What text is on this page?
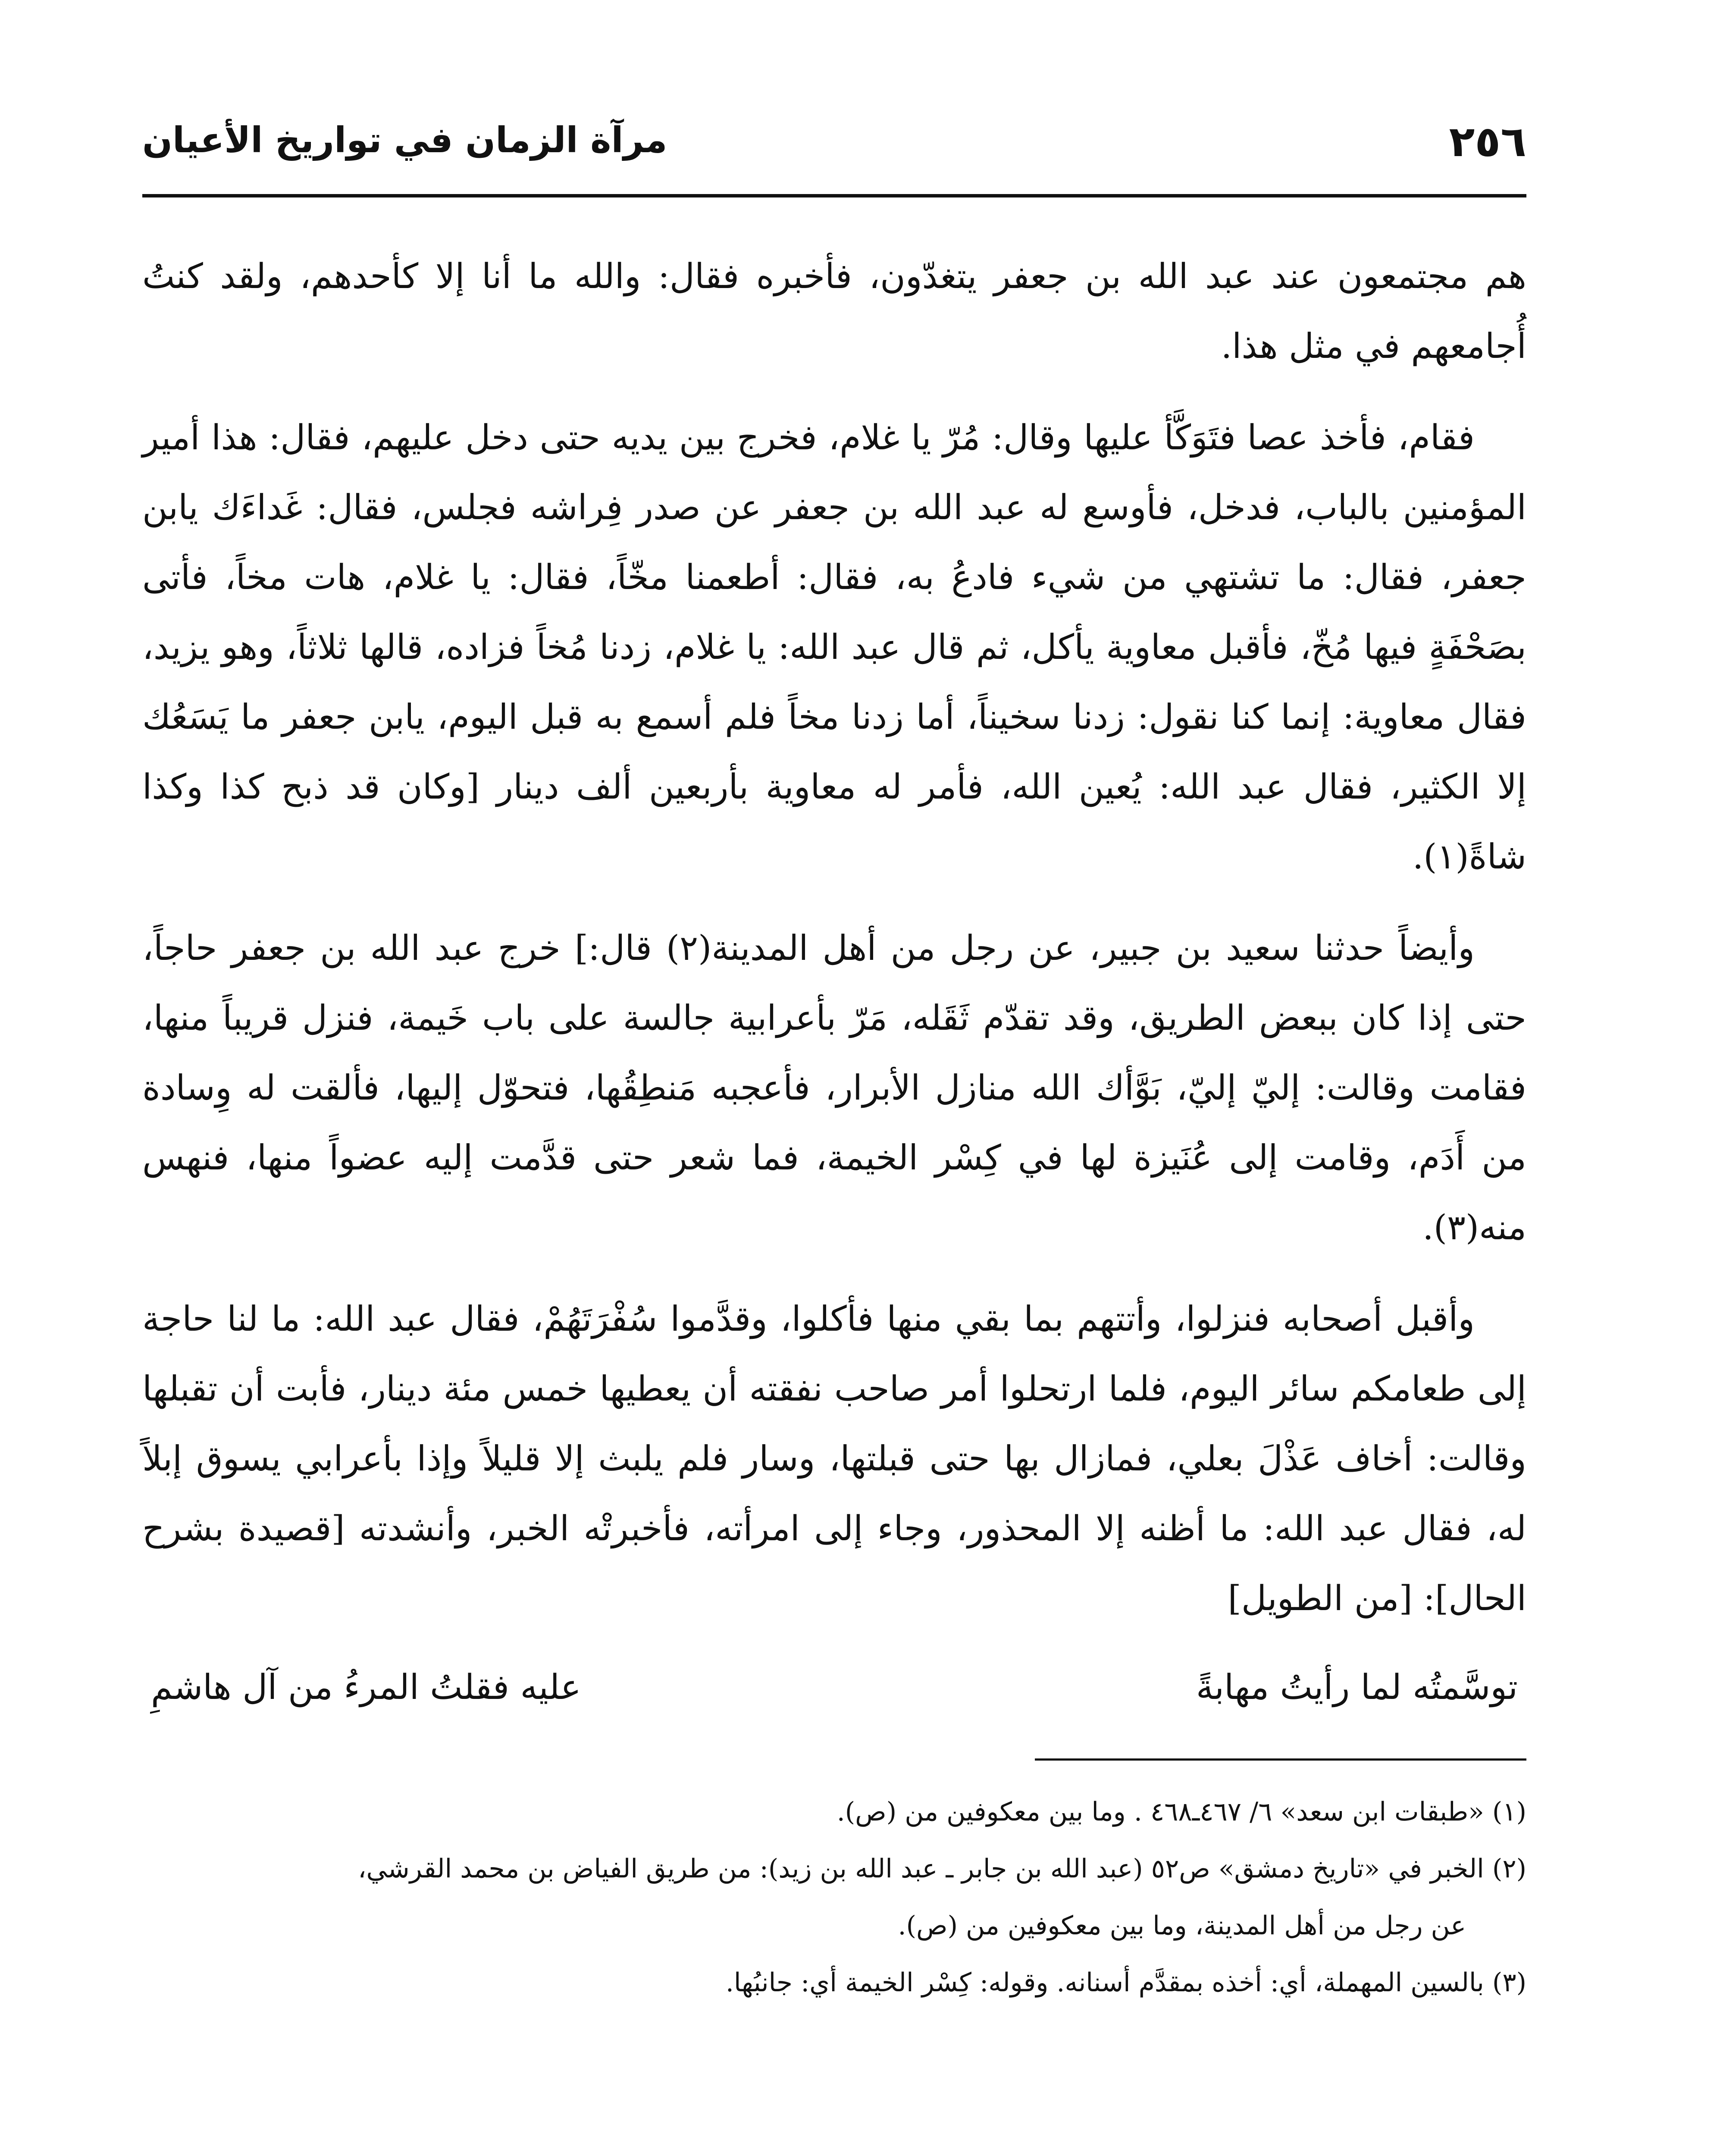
٢٥٦
مرآة الزمان في تواريخ الأعيان

هم مجتمعون عند عبد الله بن جعفر يتغدّون، فأخبره فقال: والله ما أنا إلا كأحدهم، ولقد كنتُ أُجامعهم في مثل هذا.

فقام، فأخذ عصا فتَوَكَّأ عليها وقال: مُرّ يا غلام، فخرج بين يديه حتى دخل عليهم، فقال: هذا أمير المؤمنين بالباب، فدخل، فأوسع له عبد الله بن جعفر عن صدر فِراشه فجلس، فقال: غَداءَك يابن جعفر، فقال: ما تشتهي من شيء فادعُ به، فقال: أطعمنا مخّاً، فقال: يا غلام، هات مخاً، فأتى بصَحْفَةٍ فيها مُخّ، فأقبل معاوية يأكل، ثم قال عبد الله: يا غلام، زدنا مُخاً فزاده، قالها ثلاثاً، وهو يزيد، فقال معاوية: إنما كنا نقول: زدنا سخيناً، أما زدنا مخاً فلم أسمع به قبل اليوم، يابن جعفر ما يَسَعُك إلا الكثير، فقال عبد الله: يُعين الله، فأمر له معاوية بأربعين ألف دينار [وكان قد ذبح كذا وكذا شاةً(١).

وأيضاً حدثنا سعيد بن جبير، عن رجل من أهل المدينة(٢) قال:] خرج عبد الله بن جعفر حاجاً، حتى إذا كان ببعض الطريق، وقد تقدّم ثَقَله، مَرّ بأعرابية جالسة على باب خَيمة، فنزل قريباً منها، فقامت وقالت: إليّ إليّ، بَوَّأك الله منازل الأبرار، فأعجبه مَنطِقُها، فتحوّل إليها، فألقت له وِسادة من أَدَم، وقامت إلى عُنَيزة لها في كِسْر الخيمة، فما شعر حتى قدَّمت إليه عضواً منها، فنهس منه(٣).

وأقبل أصحابه فنزلوا، وأتتهم بما بقي منها فأكلوا، وقدَّموا سُفْرَتَهُمْ، فقال عبد الله: ما لنا حاجة إلى طعامكم سائر اليوم، فلما ارتحلوا أمر صاحب نفقته أن يعطيها خمس مئة دينار، فأبت أن تقبلها وقالت: أخاف عَذْلَ بعلي، فمازال بها حتى قبلتها، وسار فلم يلبث إلا قليلاً وإذا بأعرابي يسوق إبلاً له، فقال عبد الله: ما أظنه إلا المحذور، وجاء إلى امرأته، فأخبرتْه الخبر، وأنشدته [قصيدة بشرح الحال]: [من الطويل]

توسَّمتُه لما رأيتُ مهابةً
عليه فقلتُ المرءُ من آل هاشمِ

(١) «طبقات ابن سعد» ٦/ ٤٦٧ـ٤٦٨ . وما بين معكوفين من (ص).

(٢) الخبر في «تاريخ دمشق» ص٥٢ (عبد الله بن جابر ـ عبد الله بن زيد): من طريق الفياض بن محمد القرشي،

عن رجل من أهل المدينة، وما بين معكوفين من (ص).

(٣) بالسين المهملة، أي: أخذه بمقدَّم أسنانه. وقوله: كِسْر الخيمة أي: جانبُها.
